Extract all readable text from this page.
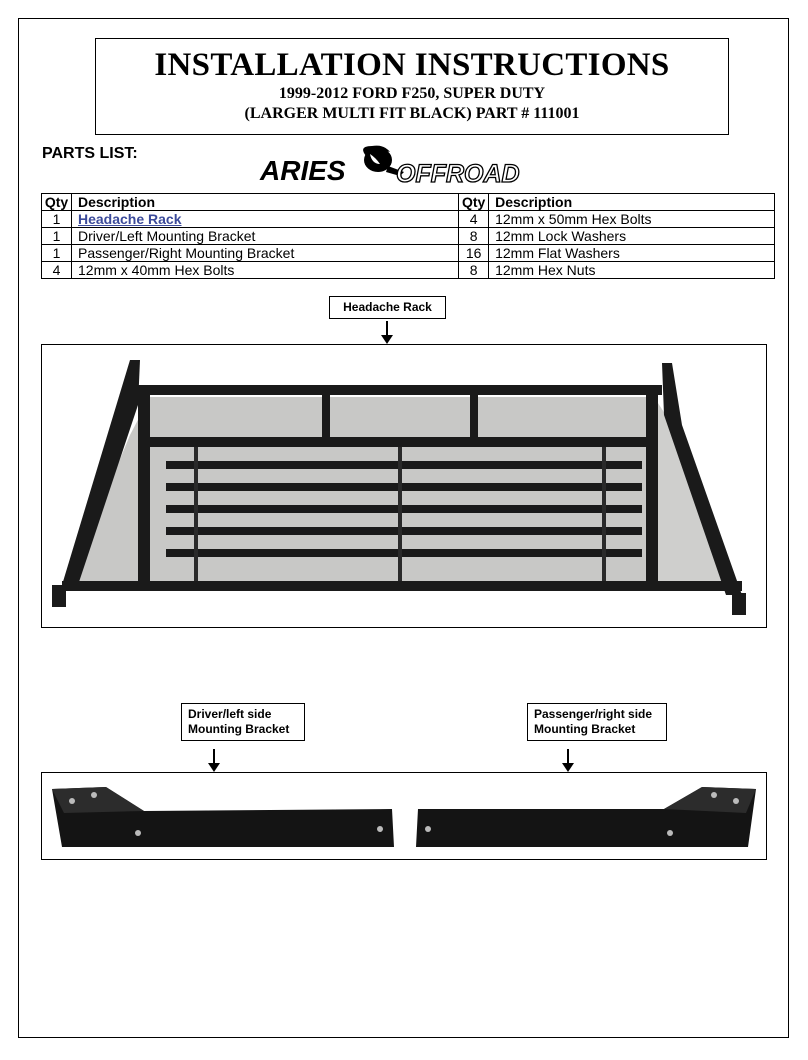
INSTALLATION INSTRUCTIONS
1999-2012 FORD F250, SUPER DUTY
(LARGER MULTI FIT BLACK) PART # 111001
PARTS LIST:
ARIES OFFROAD
Qty	Description	Qty	Description
1	Headache Rack	4	12mm x 50mm Hex Bolts
1	Driver/Left Mounting Bracket	8	12mm Lock Washers
1	Passenger/Right Mounting Bracket	16	12mm Flat Washers
4	12mm x 40mm Hex Bolts	8	12mm Hex Nuts
Headache Rack
Driver/left side
Mounting Bracket
Passenger/right side
Mounting Bracket
